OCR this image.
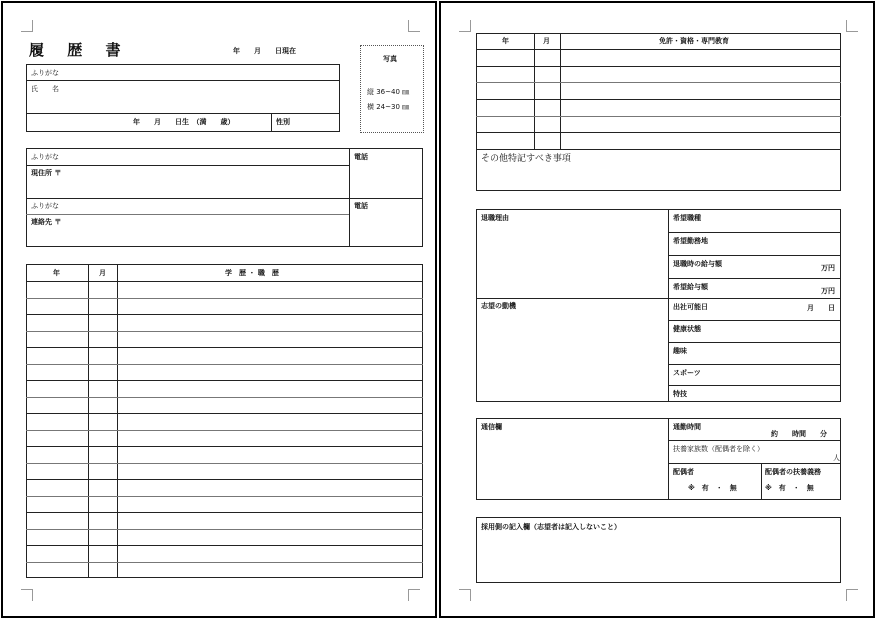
履 歴 書	年　　月　　日現在
写真
縦 36~40 ㎜
横 24~30 ㎜
ふりがな
氏　　名
年　　月　　日生　（満　　歳）	性別
ふりがな
現住所 〒
電話
ふりがな
連絡先 〒
電話
年	月	学　歴 ・ 職　歴
年	月	免許・資格・専門教育
その他特記すべき事項
退職理由
志望の動機
希望職種
希望勤務地
退職時の給与額	万円
希望給与額	万円
出社可能日	月　　日
健康状態
趣味
スポーツ
特技
通信欄	通勤時間
約　　時間　　分
扶養家族数（配偶者を除く）
人
配偶者
※　有　・　無
配偶者の扶養義務
※　有　・　無
採用側の記入欄（志望者は記入しないこと）
